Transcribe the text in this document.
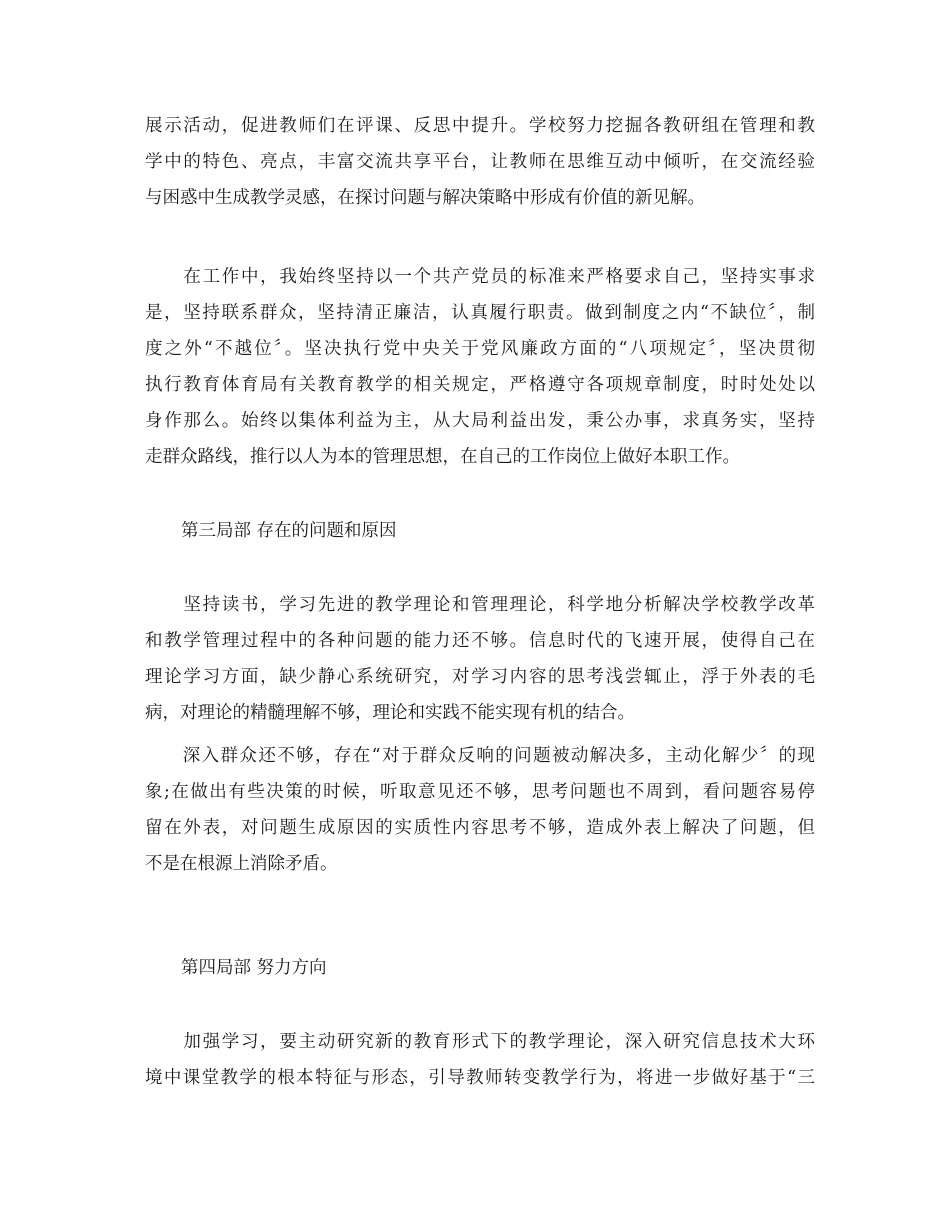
展示活动，促进教师们在评课、反思中提升。学校努力挖掘各教研组在管理和教
学中的特色、亮点，丰富交流共享平台，让教师在思维互动中倾听，在交流经验
与困惑中生成教学灵感，在探讨问题与解决策略中形成有价值的新见解。
　　在工作中，我始终坚持以一个共产党员的标准来严格要求自己，坚持实事求
是，坚持联系群众，坚持清正廉洁，认真履行职责。做到制度之内“不缺位〞，制
度之外“不越位〞。坚决执行党中央关于党风廉政方面的“八项规定〞，坚决贯彻
执行教育体育局有关教育教学的相关规定，严格遵守各项规章制度，时时处处以
身作那么。始终以集体利益为主，从大局利益出发，秉公办事，求真务实，坚持
走群众路线，推行以人为本的管理思想，在自己的工作岗位上做好本职工作。
第三局部 存在的问题和原因
　　坚持读书，学习先进的教学理论和管理理论，科学地分析解决学校教学改革
和教学管理过程中的各种问题的能力还不够。信息时代的飞速开展，使得自己在
理论学习方面，缺少静心系统研究，对学习内容的思考浅尝辄止，浮于外表的毛
病，对理论的精髓理解不够，理论和实践不能实现有机的结合。
　　深入群众还不够，存在“对于群众反响的问题被动解决多，主动化解少〞的现
象;在做出有些决策的时候，听取意见还不够，思考问题也不周到，看问题容易停
留在外表，对问题生成原因的实质性内容思考不够，造成外表上解决了问题，但
不是在根源上消除矛盾。
第四局部 努力方向
　　加强学习，要主动研究新的教育形式下的教学理论，深入研究信息技术大环
境中课堂教学的根本特征与形态，引导教师转变教学行为，将进一步做好基于“三
